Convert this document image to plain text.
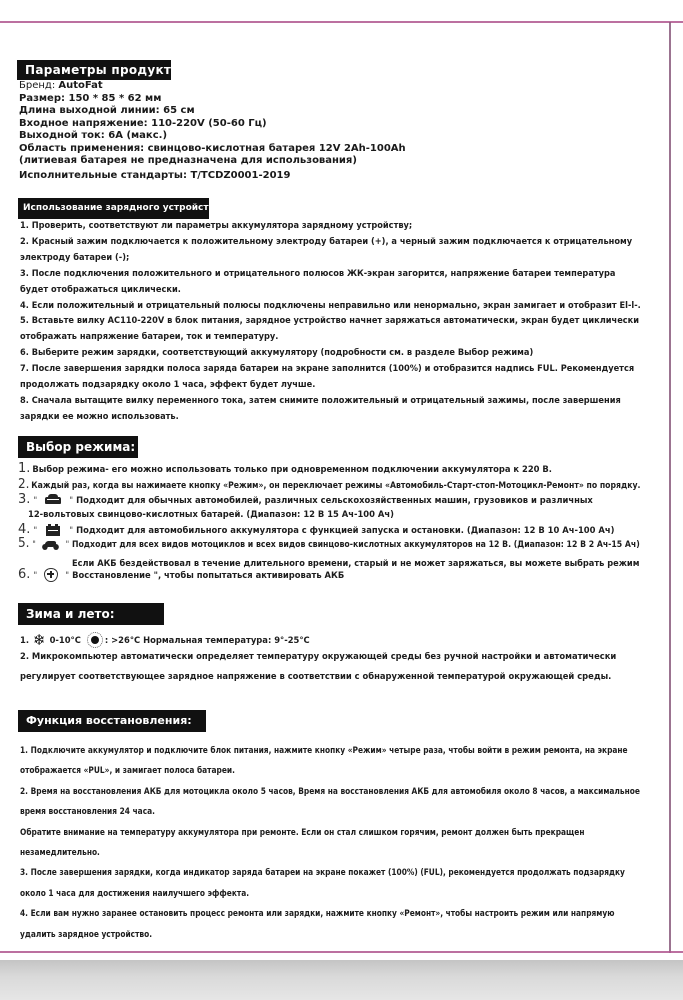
Параметры продукта
Бренд: AutoFat
Размер: 150 * 85 * 62 мм
Длина выходной линии: 65 см
Входное напряжение: 110-220V (50-60 Гц)
Выходной ток: 6А (макс.)
Область применения: свинцово-кислотная батарея 12V 2Ah-100Ah
(литиевая батарея не предназначена для использования)
Исполнительные стандарты: T/TCDZ0001-2019
Использование зарядного устройства:
1. Проверить, соответствуют ли параметры аккумулятора зарядному устройству;
2. Красный зажим подключается к положительному электроду батареи (+), а черный зажим подключается к отрицательному
электроду батареи (-);
3. После подключения положительного и отрицательного полюсов ЖК-экран загорится, напряжение батареи температура
будет отображаться циклически.
4. Если положительный и отрицательный полюсы подключены неправильно или ненормально, экран замигает и отобразит El-l-.
5. Вставьте вилку AC110-220V в блок питания, зарядное устройство начнет заряжаться автоматически, экран будет циклически
отображать напряжение батареи, ток и температуру.
6. Выберите режим зарядки, соответствующий аккумулятору (подробности см. в разделе Выбор режима)
7. После завершения зарядки полоса заряда батареи на экране заполнится (100%) и отобразится надпись FUL. Рекомендуется
продолжать подзарядку около 1 часа, эффект будет лучше.
8. Сначала вытащите вилку переменного тока, затем снимите положительный и отрицательный зажимы, после завершения
зарядки ее можно использовать.
Выбор режима:
1. Выбор режима- его можно использовать только при одновременном подключении аккумулятора к 220 В.
2. Каждый раз, когда вы нажимаете кнопку «Режим», он переключает режимы «Автомобиль-Старт-стоп-Мотоцикл-Ремонт» по порядку.
3. "	" Подходит для обычных автомобилей, различных сельскохозяйственных машин, грузовиков и различных
12-вольтовых свинцово-кислотных батарей. (Диапазон: 12 В 15 Ач-100 Ач)
4. "	" Подходит для автомобильного аккумулятора с функцией запуска и остановки. (Диапазон: 12 В 10 Ач-100 Ач)
5. "	" Подходит для всех видов мотоциклов и всех видов свинцово-кислотных аккумуляторов на 12 В. (Диапазон: 12 В 2 Ач-15 Ач)
Если АКБ бездействовал в течение длительного времени, старый и не может заряжаться, вы можете выбрать режим
6. "	" Восстановление ", чтобы попытаться активировать АКБ
Зима и лето:
1. ❄ 0-10°C	: >26°C Нормальная температура: 9°-25°C
2. Микрокомпьютер автоматически определяет температуру окружающей среды без ручной настройки и автоматически
регулирует соответствующее зарядное напряжение в соответствии с обнаруженной температурой окружающей среды.
Функция восстановления:
1. Подключите аккумулятор и подключите блок питания, нажмите кнопку «Режим» четыре раза, чтобы войти в режим ремонта, на экране
отображается «PUL», и замигает полоса батареи.
2. Время на восстановления АКБ для мотоцикла около 5 часов, Время на восстановления АКБ для автомобиля около 8 часов, а максимальное
время восстановления 24 часа.
Обратите внимание на температуру аккумулятора при ремонте. Если он стал слишком горячим, ремонт должен быть прекращен
незамедлительно.
3. После завершения зарядки, когда индикатор заряда батареи на экране покажет (100%) (FUL), рекомендуется продолжать подзарядку
около 1 часа для достижения наилучшего эффекта.
4. Если вам нужно заранее остановить процесс ремонта или зарядки, нажмите кнопку «Ремонт», чтобы настроить режим или напрямую
удалить зарядное устройство.
